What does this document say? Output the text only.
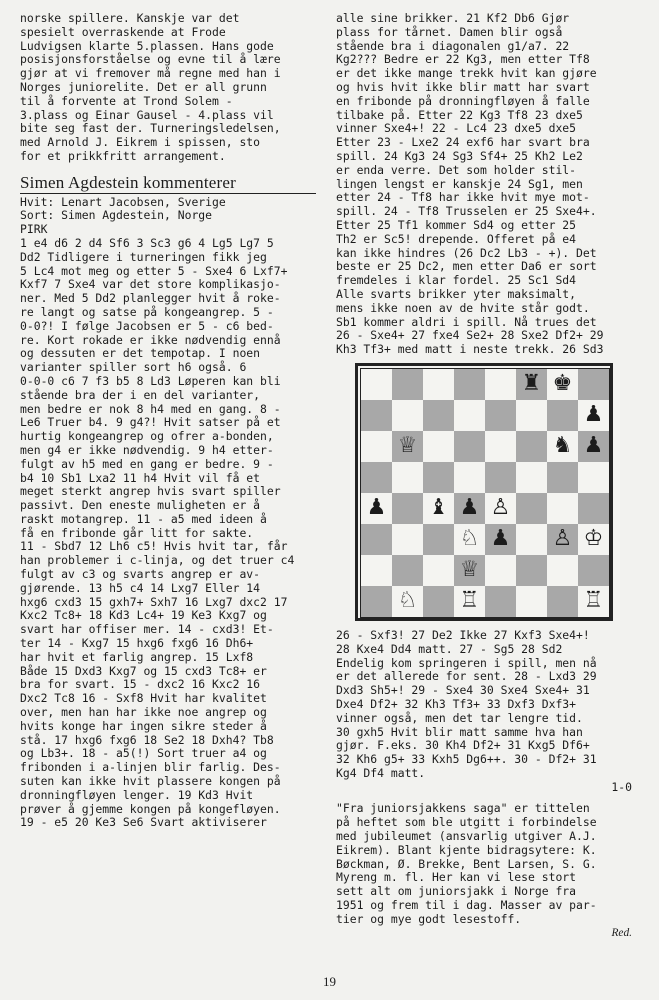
norske spillere. Kanskje var det
spesielt overraskende at Frode
Ludvigsen klarte 5.plassen. Hans gode
posisjonsforståelse og evne til å lære
gjør at vi fremover må regne med han i
Norges juniorelite. Det er all grunn
til å forvente at Trond Solem -
3.plass og Einar Gausel - 4.plass vil
bite seg fast der. Turneringsledelsen,
med Arnold J. Eikrem i spissen, sto
for et prikkfritt arrangement.

Simen Agdestein kommenterer

Hvit: Lenart Jacobsen, Sverige

Sort: Simen Agdestein, Norge

PIRK

1 e4 d6 2 d4 Sf6 3 Sc3 g6 4 Lg5 Lg7 5
Dd2 Tidligere i turneringen fikk jeg
5 Lc4 mot meg og etter 5 - Sxe4 6 Lxf7+
Kxf7 7 Sxe4 var det store komplikasjo-
ner. Med 5 Dd2 planlegger hvit å roke-
re langt og satse på kongeangrep. 5 -
0-0?! I følge Jacobsen er 5 - c6 bed-
re. Kort rokade er ikke nødvendig ennå
og dessuten er det tempotap. I noen
varianter spiller sort h6 også. 6
0-0-0 c6 7 f3 b5 8 Ld3 Løperen kan bli
stående bra der i en del varianter,
men bedre er nok 8 h4 med en gang. 8 -
Le6 Truer b4. 9 g4?! Hvit satser på et
hurtig kongeangrep og ofrer a-bonden,
men g4 er ikke nødvendig. 9 h4 etter-
fulgt av h5 med en gang er bedre. 9 -
b4 10 Sb1 Lxa2 11 h4 Hvit vil få et
meget sterkt angrep hvis svart spiller
passivt. Den eneste muligheten er å
raskt motangrep. 11 - a5 med ideen å
få en fribonde går litt for sakte.
11 - Sbd7 12 Lh6 c5! Hvis hvit tar, får
han problemer i c-linja, og det truer c4
fulgt av c3 og svarts angrep er av-
gjørende. 13 h5 c4 14 Lxg7 Eller 14
hxg6 cxd3 15 gxh7+ Sxh7 16 Lxg7 dxc2 17
Kxc2 Tc8+ 18 Kd3 Lc4+ 19 Ke3 Kxg7 og
svart har offiser mer. 14 - cxd3! Et-
ter 14 - Kxg7 15 hxg6 fxg6 16 Dh6+
har hvit et farlig angrep. 15 Lxf8
Både 15 Dxd3 Kxg7 og 15 cxd3 Tc8+ er
bra for svart. 15 - dxc2 16 Kxc2 16
Dxc2 Tc8 16 - Sxf8 Hvit har kvalitet
over, men han har ikke noe angrep og
hvits konge har ingen sikre steder å
stå. 17 hxg6 fxg6 18 Se2 18 Dxh4? Tb8
og Lb3+. 18 - a5(!) Sort truer a4 og
fribonden i a-linjen blir farlig. Des-
suten kan ikke hvit plassere kongen på
dronningfløyen lenger. 19 Kd3 Hvit
prøver å gjemme kongen på kongefløyen.
19 - e5 20 Ke3 Se6 Svart aktiviserer

alle sine brikker. 21 Kf2 Db6 Gjør
plass for tårnet. Damen blir også
stående bra i diagonalen g1/a7. 22
Kg2??? Bedre er 22 Kg3, men etter Tf8
er det ikke mange trekk hvit kan gjøre
og hvis hvit ikke blir matt har svart
en fribonde på dronningfløyen å falle
tilbake på. Etter 22 Kg3 Tf8 23 dxe5
vinner Sxe4+! 22 - Lc4 23 dxe5 dxe5
Etter 23 - Lxe2 24 exf6 har svart bra
spill. 24 Kg3 24 Sg3 Sf4+ 25 Kh2 Le2
er enda verre. Det som holder stil-
lingen lengst er kanskje 24 Sg1, men
etter 24 - Tf8 har ikke hvit mye mot-
spill. 24 - Tf8 Trusselen er 25 Sxe4+.
Etter 25 Tf1 kommer Sd4 og etter 25
Th2 er Sc5! drepende. Offeret på e4
kan ikke hindres (26 Dc2 Lb3 - +). Det
beste er 25 Dc2, men etter Da6 er sort
fremdeles i klar fordel. 25 Sc1 Sd4
Alle svarts brikker yter maksimalt,
mens ikke noen av de hvite står godt.
Sb1 kommer aldri i spill. Nå trues det
26 - Sxe4+ 27 fxe4 Se2+ 28 Sxe2 Df2+ 29
Kh3 Tf3+ med matt i neste trekk. 26 Sd3

♜ ♚
♟
♕	♞ ♟
♟ ♝ ♟ ♙
♘ ♟ ♙ ♔
♕
♘ ♖	♖

26 - Sxf3! 27 De2 Ikke 27 Kxf3 Sxe4+!
28 Kxe4 Dd4 matt. 27 - Sg5 28 Sd2
Endelig kom springeren i spill, men nå
er det allerede for sent. 28 - Lxd3 29
Dxd3 Sh5+! 29 - Sxe4 30 Sxe4 Sxe4+ 31
Dxe4 Df2+ 32 Kh3 Tf3+ 33 Dxf3 Dxf3+
vinner også, men det tar lengre tid.
30 gxh5 Hvit blir matt samme hva han
gjør. F.eks. 30 Kh4 Df2+ 31 Kxg5 Df6+
32 Kh6 g5+ 33 Kxh5 Dg6++. 30 - Df2+ 31
Kg4 Df4 matt.

1-0

"Fra juniorsjakkens saga" er tittelen
på heftet som ble utgitt i forbindelse
med jubileumet (ansvarlig utgiver A.J.
Eikrem). Blant kjente bidragsytere: K.
Bøckman, Ø. Brekke, Bent Larsen, S. G.
Myreng m. fl. Her kan vi lese stort
sett alt om juniorsjakk i Norge fra
1951 og frem til i dag. Masser av par-
tier og mye godt lesestoff.

Red.

19
